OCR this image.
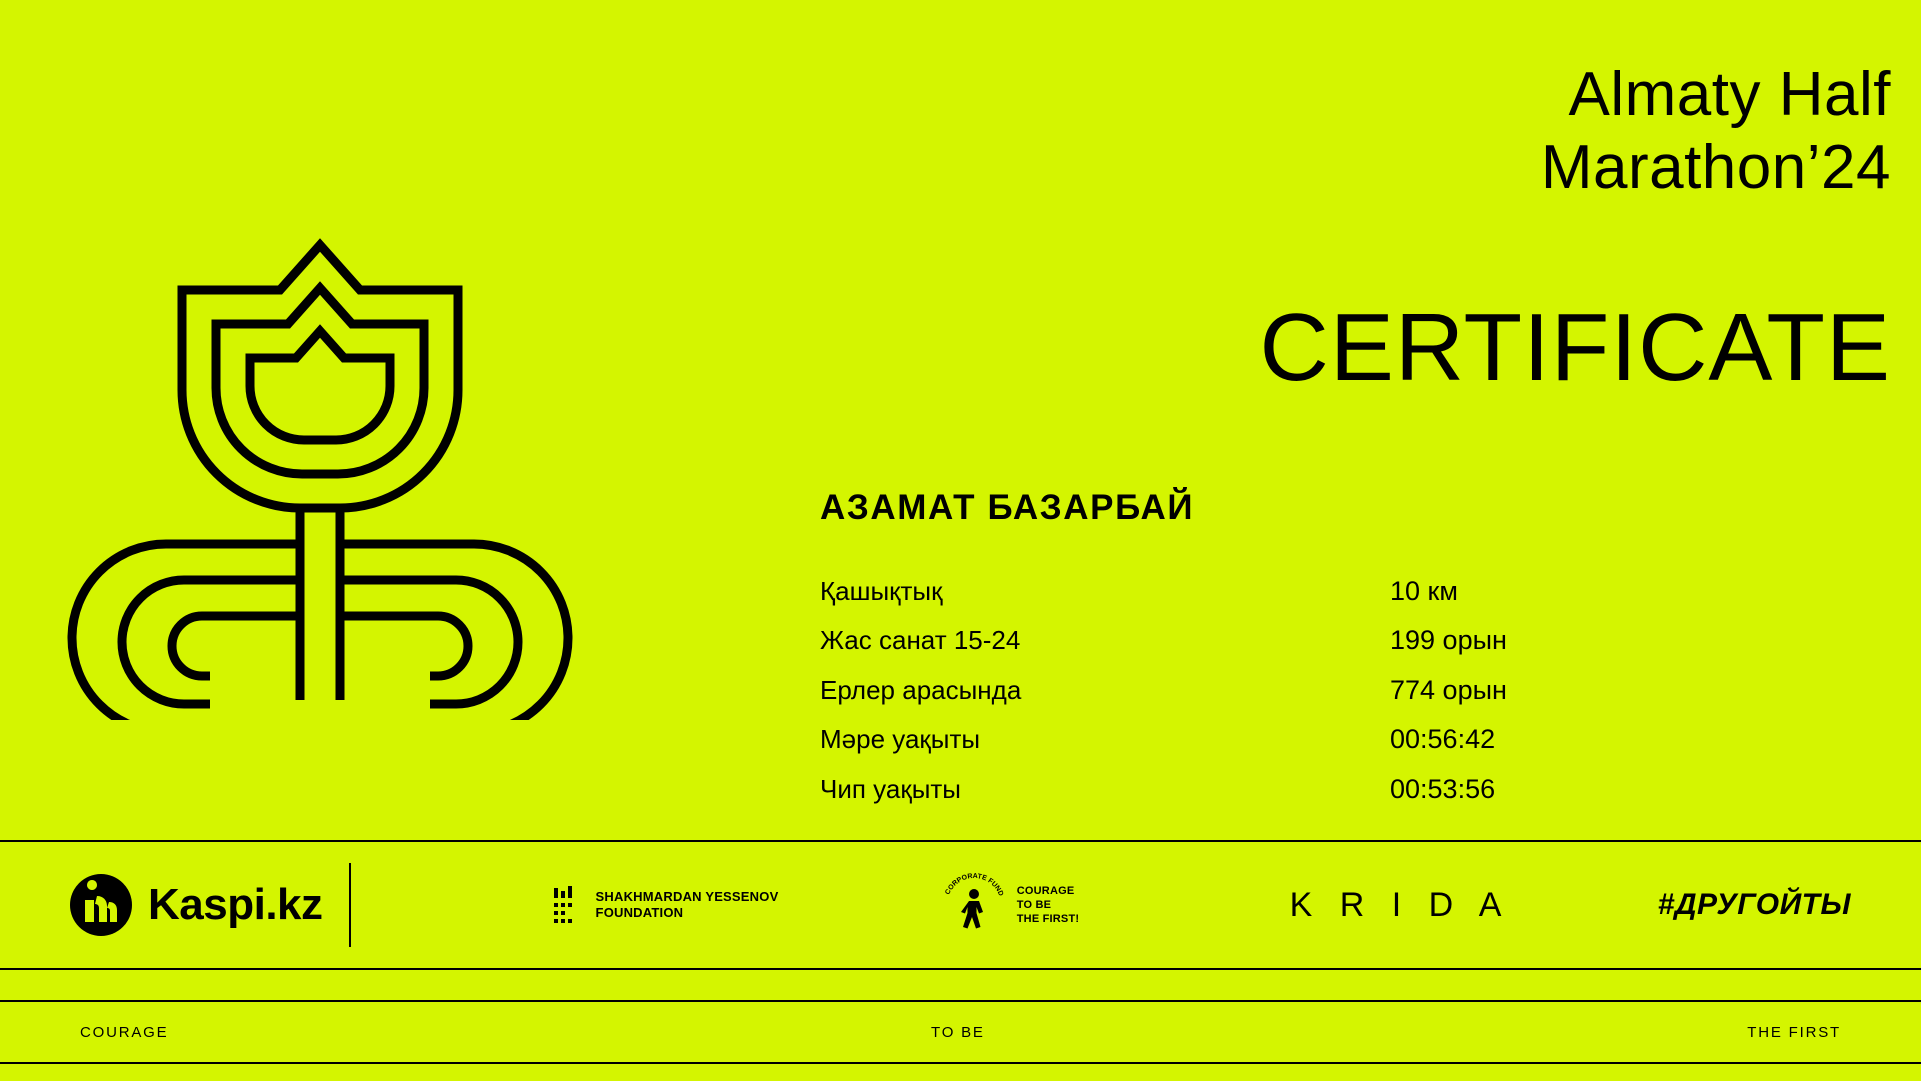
Almaty Half
Marathon’24
CERTIFICATE
АЗАМАТ БАЗАРБАЙ
Қашықтық	10 км
Жас санат 15-24	199 орын
Ерлер арасында	774 орын
Мәре уақыты	00:56:42
Чип уақыты	00:53:56
Kaspi.kz	SHAKHMARDAN YESSENOV
FOUNDATION
CORPORATE FUND COURAGE
TO BE
THE FIRST!	K R I D A	#ДРУГОЙТЫ
COURAGE	TO BE	THE FIRST
